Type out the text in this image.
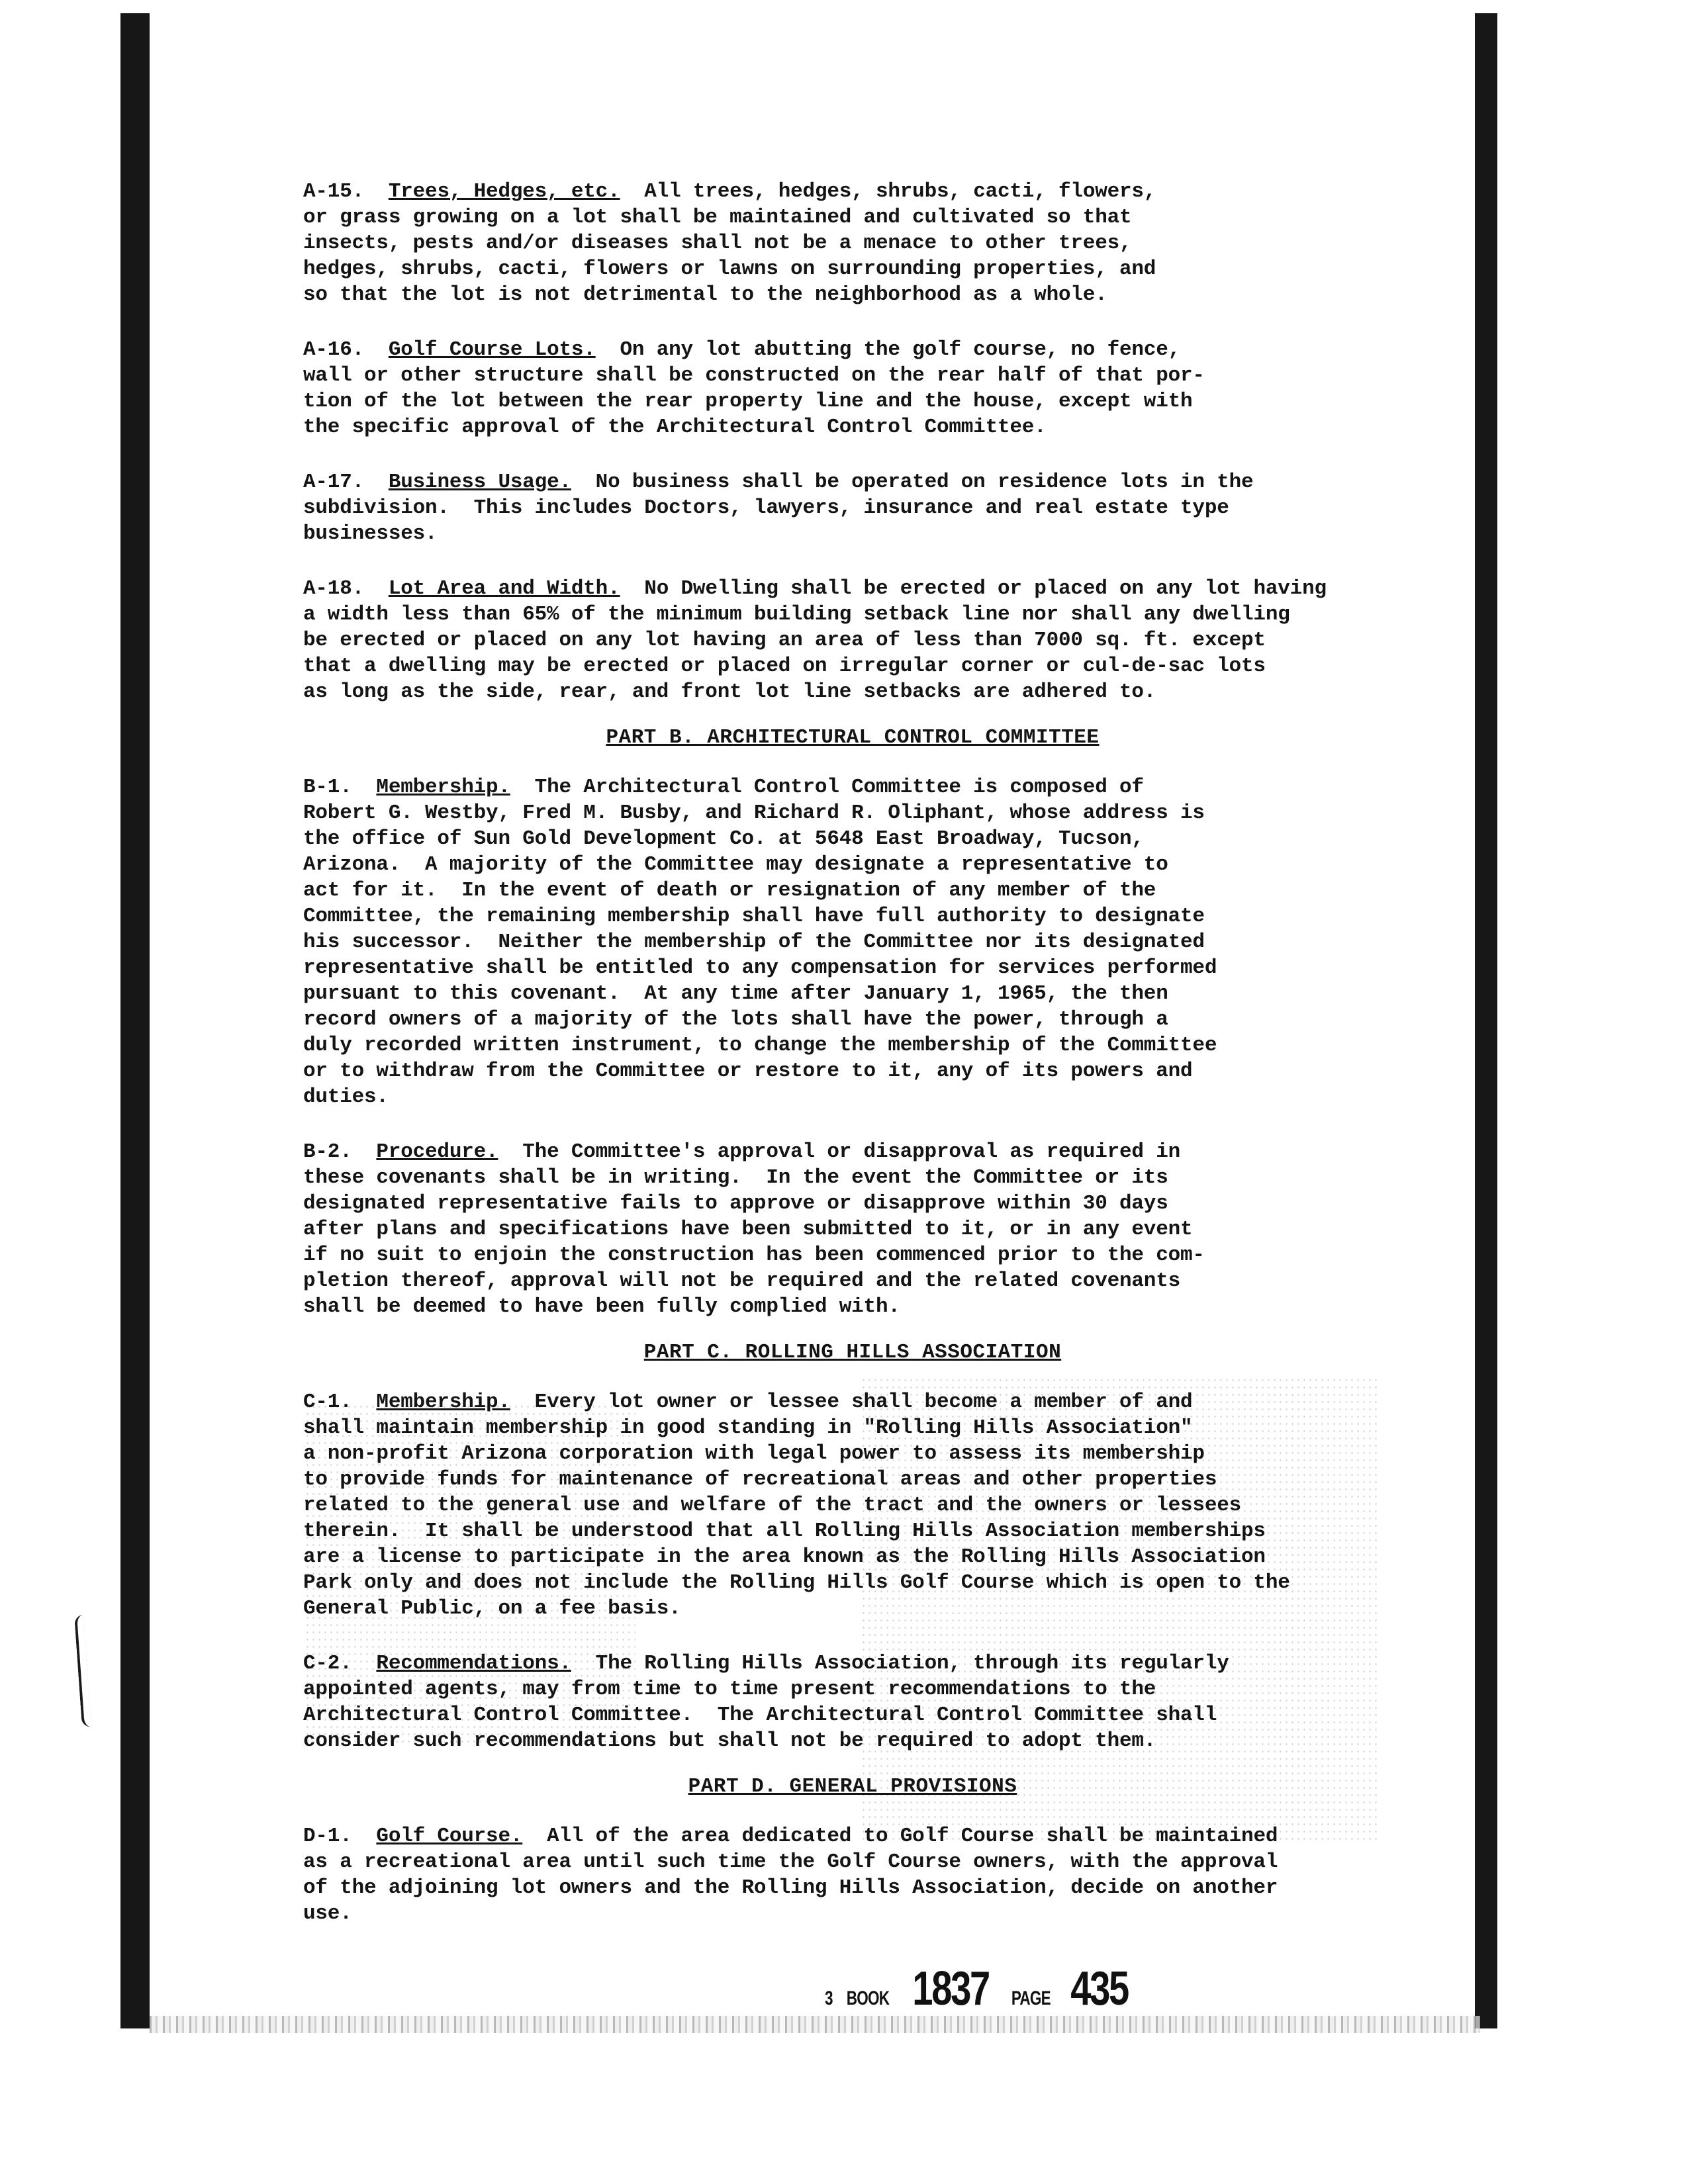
A-15.  Trees, Hedges, etc.  All trees, hedges, shrubs, cacti, flowers,
or grass growing on a lot shall be maintained and cultivated so that
insects, pests and/or diseases shall not be a menace to other trees,
hedges, shrubs, cacti, flowers or lawns on surrounding properties, and
so that the lot is not detrimental to the neighborhood as a whole.
A-16.  Golf Course Lots.  On any lot abutting the golf course, no fence,
wall or other structure shall be constructed on the rear half of that por-
tion of the lot between the rear property line and the house, except with
the specific approval of the Architectural Control Committee.
A-17.  Business Usage.  No business shall be operated on residence lots in the
subdivision.  This includes Doctors, lawyers, insurance and real estate type
businesses.
A-18.  Lot Area and Width.  No Dwelling shall be erected or placed on any lot having
a width less than 65% of the minimum building setback line nor shall any dwelling
be erected or placed on any lot having an area of less than 7000 sq. ft. except
that a dwelling may be erected or placed on irregular corner or cul-de-sac lots
as long as the side, rear, and front lot line setbacks are adhered to.
PART B. ARCHITECTURAL CONTROL COMMITTEE
B-1.  Membership.  The Architectural Control Committee is composed of
Robert G. Westby, Fred M. Busby, and Richard R. Oliphant, whose address is
the office of Sun Gold Development Co. at 5648 East Broadway, Tucson,
Arizona.  A majority of the Committee may designate a representative to
act for it.  In the event of death or resignation of any member of the
Committee, the remaining membership shall have full authority to designate
his successor.  Neither the membership of the Committee nor its designated
representative shall be entitled to any compensation for services performed
pursuant to this covenant.  At any time after January 1, 1965, the then
record owners of a majority of the lots shall have the power, through a
duly recorded written instrument, to change the membership of the Committee
or to withdraw from the Committee or restore to it, any of its powers and
duties.
B-2.  Procedure.  The Committee's approval or disapproval as required in
these covenants shall be in writing.  In the event the Committee or its
designated representative fails to approve or disapprove within 30 days
after plans and specifications have been submitted to it, or in any event
if no suit to enjoin the construction has been commenced prior to the com-
pletion thereof, approval will not be required and the related covenants
shall be deemed to have been fully complied with.
PART C. ROLLING HILLS ASSOCIATION
C-1.  Membership.  Every lot owner or lessee shall become a member of and
shall maintain membership in good standing in "Rolling Hills Association"
a non-profit Arizona corporation with legal power to assess its membership
to provide funds for maintenance of recreational areas and other properties
related to the general use and welfare of the tract and the owners or lessees
therein.  It shall be understood that all Rolling Hills Association memberships
are a license to participate in the area known as the Rolling Hills Association
Park only and does not include the Rolling Hills Golf Course which is open to the
General Public, on a fee basis.
C-2.  Recommendations.  The Rolling Hills Association, through its regularly
appointed agents, may from time to time present recommendations to the
Architectural Control Committee.  The Architectural Control Committee shall
consider such recommendations but shall not be required to adopt them.
PART D. GENERAL PROVISIONS
D-1.  Golf Course.  All of the area dedicated to Golf Course shall be maintained
as a recreational area until such time the Golf Course owners, with the approval
of the adjoining lot owners and the Rolling Hills Association, decide on another
use.
3 BOOK 1837 PAGE 435
